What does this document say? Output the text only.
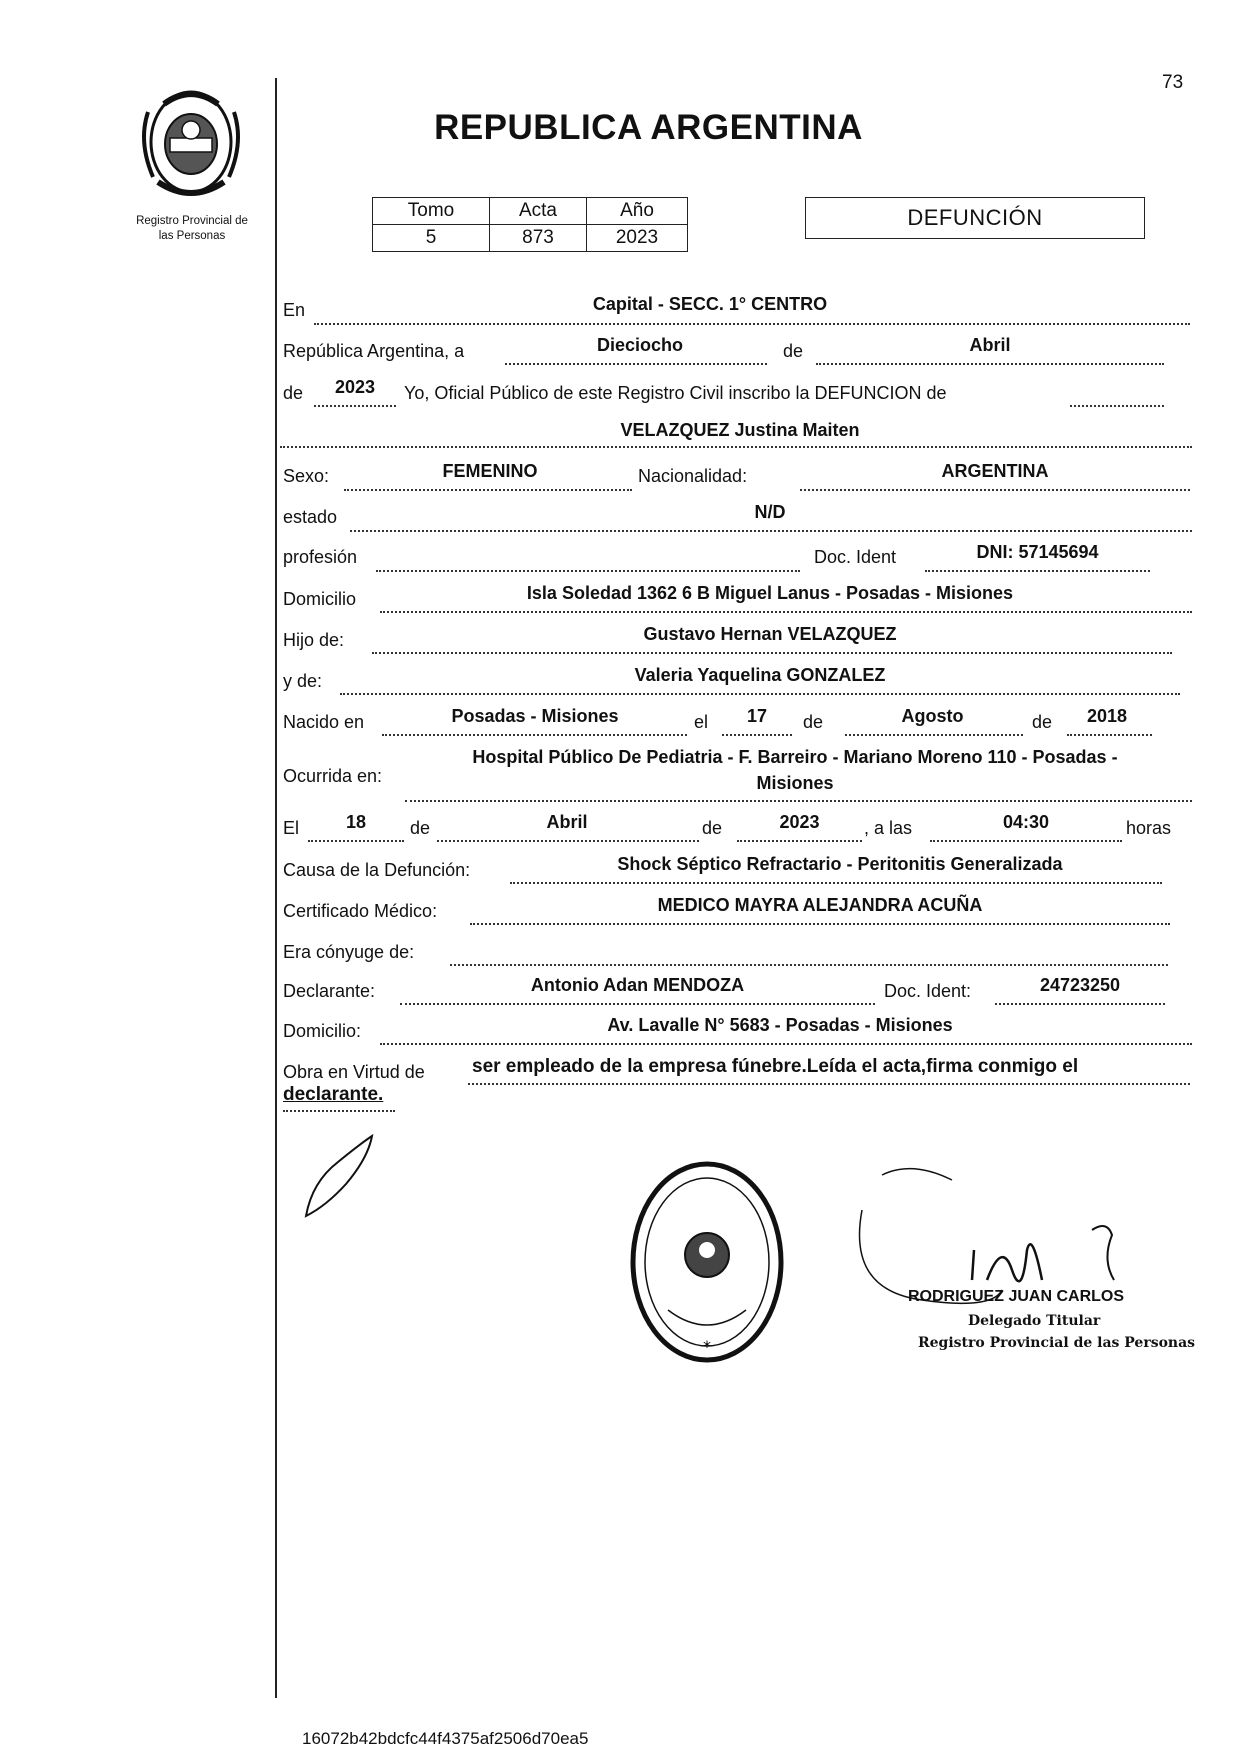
73
Registro Provincial de
las Personas
REPUBLICA ARGENTINA
Tomo	Acta	Año
5	873	2023
DEFUNCIÓN
En	Capital - SECC. 1° CENTRO
República Argentina, a	Dieciocho	de	Abril
de	2023	Yo, Oficial Público de este Registro Civil inscribo la DEFUNCION de
VELAZQUEZ Justina Maiten
Sexo:	FEMENINO	Nacionalidad:	ARGENTINA
estado	N/D
profesión	Doc. Ident	DNI: 57145694
Domicilio	Isla Soledad 1362 6 B Miguel Lanus - Posadas - Misiones
Hijo de:	Gustavo Hernan VELAZQUEZ
y de:	Valeria Yaquelina GONZALEZ
Nacido en	Posadas - Misiones	el	17	de	Agosto	de	2018
Ocurrida en:
Hospital Público De Pediatria - F. Barreiro - Mariano Moreno 110 - Posadas -
Misiones
El	18	de	Abril	de	2023	, a las	04:30	horas
Causa de la Defunción:	Shock Séptico Refractario - Peritonitis Generalizada
Certificado Médico:	MEDICO MAYRA ALEJANDRA ACUÑA
Era cónyuge de:
Declarante:	Antonio Adan MENDOZA	Doc. Ident:	24723250
Domicilio:	Av. Lavalle N° 5683 - Posadas - Misiones
Obra en Virtud de ser empleado de la empresa fúnebre.Leída el acta,firma conmigo el
declarante.
*
RODRIGUEZ JUAN CARLOS
Delegado Titular
Registro Provincial de las Personas
16072b42bdcfc44f4375af2506d70ea5
